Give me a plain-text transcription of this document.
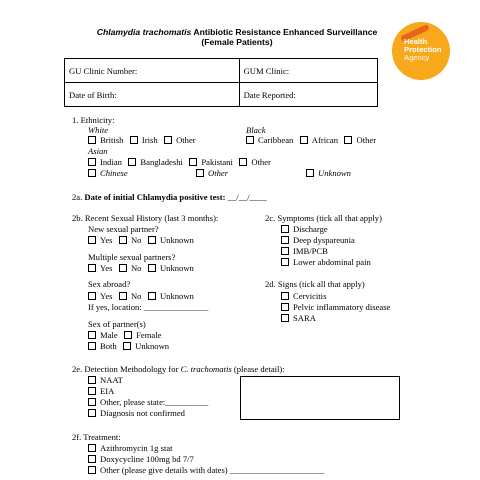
Chlamydia trachomatis Antibiotic Resistance Enhanced Surveillance
(Female Patients)	Health
Protection
Agency
GU Clinic Number:	GUM Clinic:
Date of Birth:	Date Reported:
1. Ethnicity:
White	Black
British Irish Other	Caribbean African Other
Asian
Indian Bangladeshi Pakistani Other
Chinese	Other	Unknown
2a. Date of initial Chlamydia positive test: __/__/____
2b. Recent Sexual History (last 3 months):
New sexual partner?
Yes No Unknown
Multiple sexual partners?
Yes No Unknown
Sex abroad?
Yes No Unknown
If yes, location: _______________
Sex of partner(s)
Male Female
Both Unknown
2c. Symptoms (tick all that apply)
Discharge
Deep dyspareunia
IMB/PCB
Lower abdominal pain
2d. Signs (tick all that apply)
Cervicitis
Pelvic inflammatory disease
SARA
2e. Detection Methodology for C. trachomatis (please detail):
NAAT
EIA
Other, please state:__________
Diagnosis not confirmed
2f. Treatment:
Azithromycin 1g stat
Doxycycline 100mg bd 7/7
Other (please give details with dates) ______________________
